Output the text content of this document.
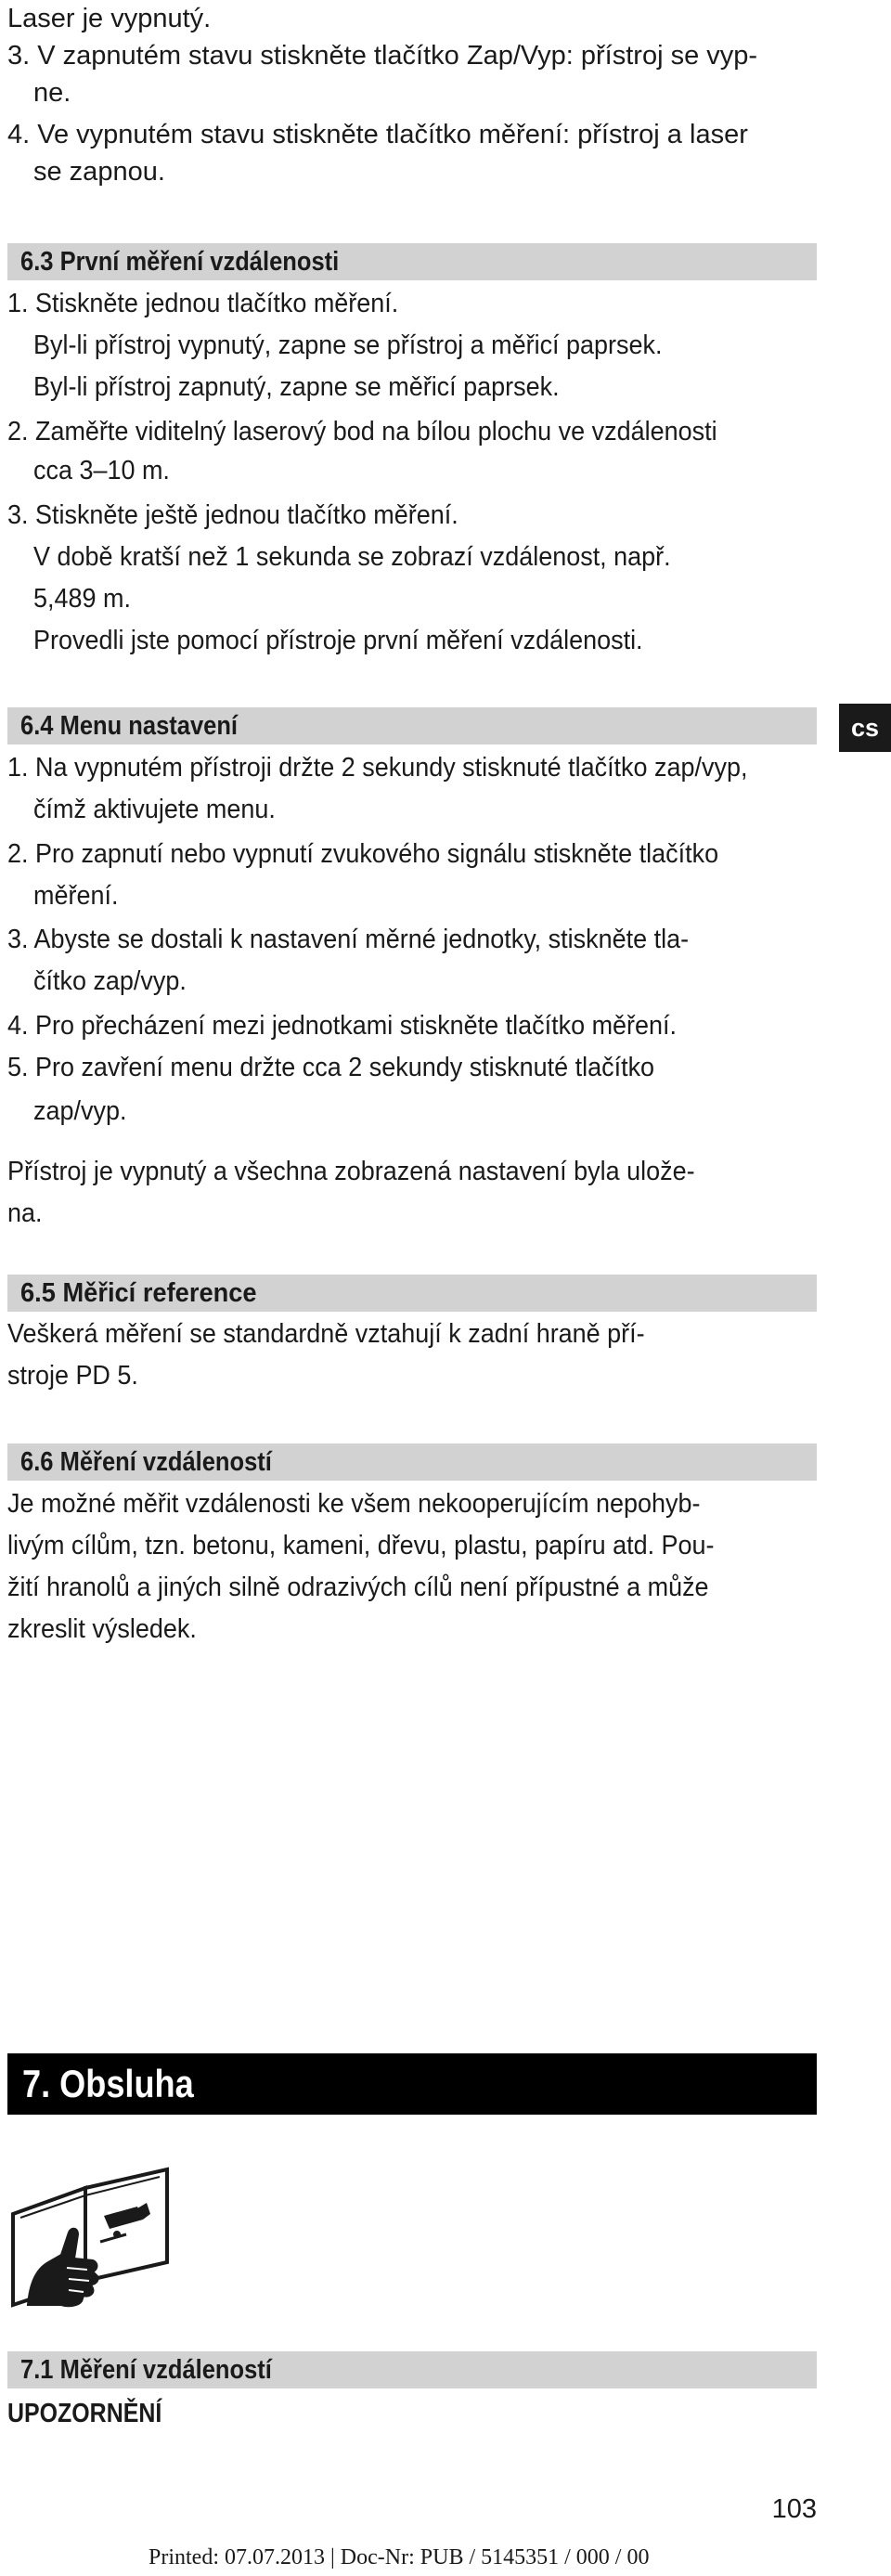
Laser je vypnutý.
3. V zapnutém stavu stiskněte tlačítko Zap/Vyp: přístroj se vyp-
ne.
4. Ve vypnutém stavu stiskněte tlačítko měření: přístroj a laser
se zapnou.
6.3 První měření vzdálenosti
1. Stiskněte jednou tlačítko měření.
Byl-li přístroj vypnutý, zapne se přístroj a měřicí paprsek.
Byl-li přístroj zapnutý, zapne se měřicí paprsek.
2. Zaměřte viditelný laserový bod na bílou plochu ve vzdálenosti
cca 3–10 m.
3. Stiskněte ještě jednou tlačítko měření.
V době kratší než 1 sekunda se zobrazí vzdálenost, např.
5,489 m.
Provedli jste pomocí přístroje první měření vzdálenosti.
6.4 Menu nastavení	cs
1. Na vypnutém přístroji držte 2 sekundy stisknuté tlačítko zap/vyp,
čímž aktivujete menu.
2. Pro zapnutí nebo vypnutí zvukového signálu stiskněte tlačítko
měření.
3. Abyste se dostali k nastavení měrné jednotky, stiskněte tla-
čítko zap/vyp.
4. Pro přecházení mezi jednotkami stiskněte tlačítko měření.
5. Pro zavření menu držte cca 2 sekundy stisknuté tlačítko
zap/vyp.
Přístroj je vypnutý a všechna zobrazená nastavení byla ulože-
na.
6.5 Měřicí reference
Veškerá měření se standardně vztahují k zadní hraně pří-
stroje PD 5.
6.6 Měření vzdáleností
Je možné měřit vzdálenosti ke všem nekooperujícím nepohyb-
livým cílům, tzn. betonu, kameni, dřevu, plastu, papíru atd. Pou-
žití hranolů a jiných silně odrazivých cílů není přípustné a může
zkreslit výsledek.
7. Obsluha
7.1 Měření vzdáleností
UPOZORNĚNÍ
103
Printed: 07.07.2013 | Doc-Nr: PUB / 5145351 / 000 / 00
